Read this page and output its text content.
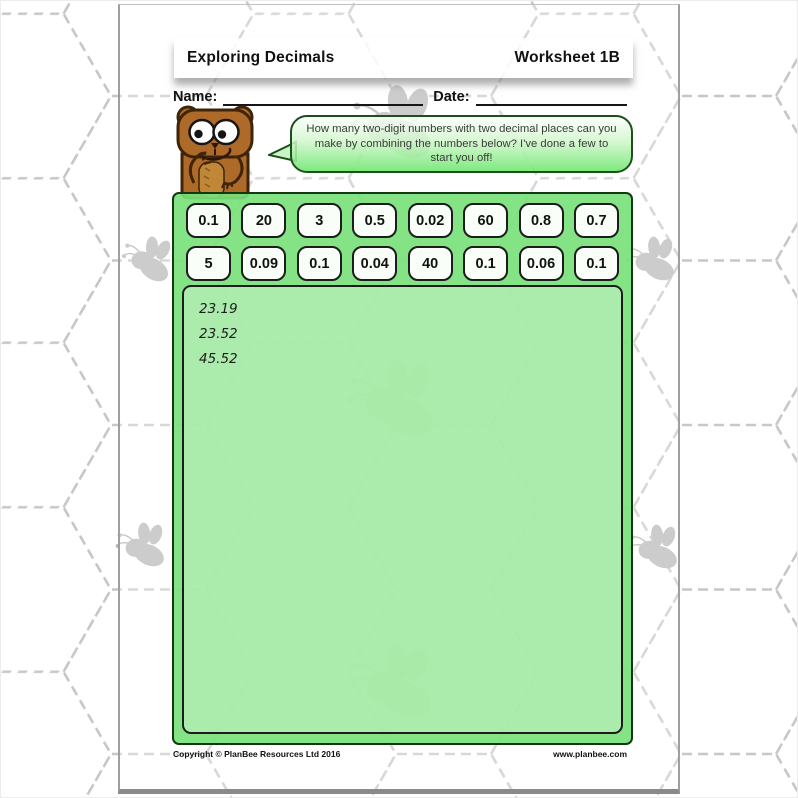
Exploring Decimals	Worksheet 1B
Name:	Date:
How many two-digit numbers with two decimal places can you make by combining the numbers below? I've done a few to start you off!
0.1	20	3	0.5	0.02	60	0.8	0.7
5	0.09	0.1	0.04	40	0.1	0.06	0.1
23.19
23.52
45.52
Copyright © PlanBee Resources Ltd 2016	www.planbee.com
